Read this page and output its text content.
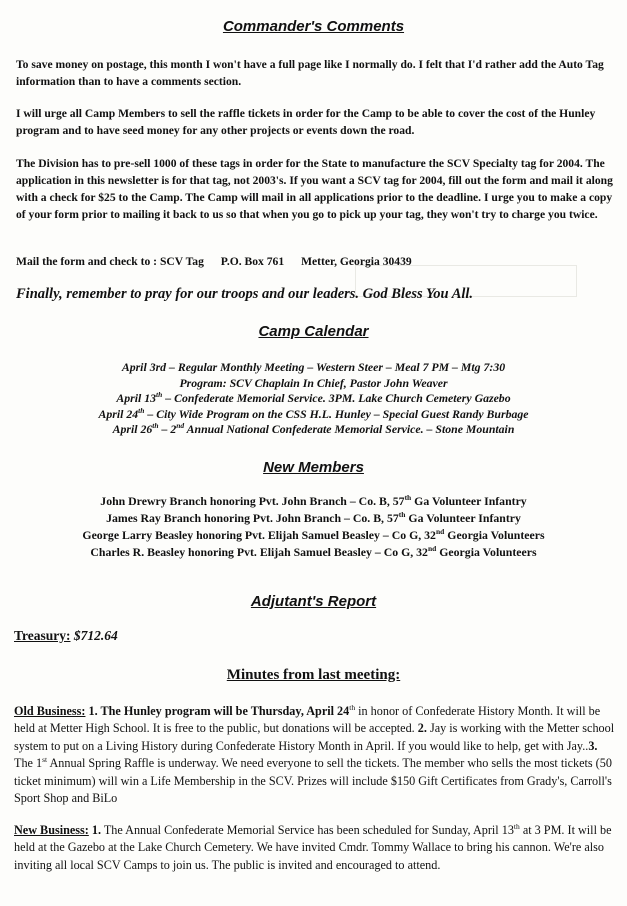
Commander's Comments

To save money on postage, this month I won't have a full page like I normally do. I felt that I'd rather add the Auto Tag information than to have a comments section.

I will urge all Camp Members to sell the raffle tickets in order for the Camp to be able to cover the cost of the Hunley program and to have seed money for any other projects or events down the road.

The Division has to pre-sell 1000 of these tags in order for the State to manufacture the SCV Specialty tag for 2004. The application in this newsletter is for that tag, not 2003's. If you want a SCV tag for 2004, fill out the form and mail it along with a check for $25 to the Camp. The Camp will mail in all applications prior to the deadline. I urge you to make a copy of your form prior to mailing it back to us so that when you go to pick up your tag, they won't try to charge you twice.

Mail the form and check to : SCV Tag P.O. Box 761 Metter, Georgia 30439

Finally, remember to pray for our troops and our leaders. God Bless You All.

Camp Calendar
April 3rd – Regular Monthly Meeting – Western Steer – Meal 7 PM – Mtg 7:30
Program: SCV Chaplain In Chief, Pastor John Weaver
April 13th – Confederate Memorial Service. 3PM. Lake Church Cemetery Gazebo
April 24th – City Wide Program on the CSS H.L. Hunley – Special Guest Randy Burbage
April 26th – 2nd Annual National Confederate Memorial Service. – Stone Mountain
New Members
John Drewry Branch honoring Pvt. John Branch – Co. B, 57th Ga Volunteer Infantry
James Ray Branch honoring Pvt. John Branch – Co. B, 57th Ga Volunteer Infantry
George Larry Beasley honoring Pvt. Elijah Samuel Beasley – Co G, 32nd Georgia Volunteers
Charles R. Beasley honoring Pvt. Elijah Samuel Beasley – Co G, 32nd Georgia Volunteers
Adjutant's Report

Treasury: $712.64

Minutes from last meeting:

Old Business: 1. The Hunley program will be Thursday, April 24th in honor of Confederate History Month. It will be held at Metter High School. It is free to the public, but donations will be accepted. 2. Jay is working with the Metter school system to put on a Living History during Confederate History Month in April. If you would like to help, get with Jay..3. The 1st Annual Spring Raffle is underway. We need everyone to sell the tickets. The member who sells the most tickets (50 ticket minimum) will win a Life Membership in the SCV. Prizes will include $150 Gift Certificates from Grady's, Carroll's Sport Shop and BiLo

New Business: 1. The Annual Confederate Memorial Service has been scheduled for Sunday, April 13th at 3 PM. It will be held at the Gazebo at the Lake Church Cemetery. We have invited Cmdr. Tommy Wallace to bring his cannon. We're also inviting all local SCV Camps to join us. The public is invited and encouraged to attend.
